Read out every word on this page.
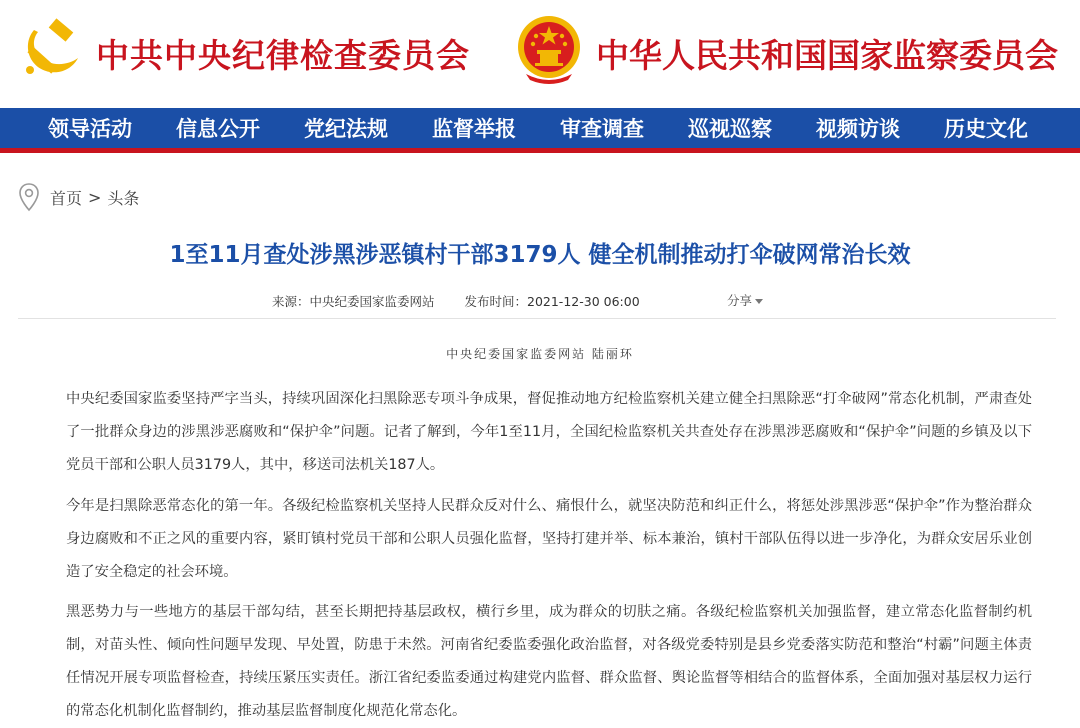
中共中央纪律检查委员会	中华人民共和国国家监察委员会
领导活动	信息公开	党纪法规	监督举报	审查调查	巡视巡察	视频访谈	历史文化
首页 > 头条
1至11月查处涉黑涉恶镇村干部3179人 健全机制推动打伞破网常治长效
来源：中央纪委国家监委网站 发布时间：2021-12-30 06:00	分享
中央纪委国家监委网站 陆丽环

中央纪委国家监委坚持严字当头，持续巩固深化扫黑除恶专项斗争成果，督促推动地方纪检监察机关建立健全扫黑除恶“打伞破网”常态化机制，严肃查处了一批群众身边的涉黑涉恶腐败和“保护伞”问题。记者了解到，今年1至11月，全国纪检监察机关共查处存在涉黑涉恶腐败和“保护伞”问题的乡镇及以下党员干部和公职人员3179人，其中，移送司法机关187人。

今年是扫黑除恶常态化的第一年。各级纪检监察机关坚持人民群众反对什么、痛恨什么，就坚决防范和纠正什么，将惩处涉黑涉恶“保护伞”作为整治群众身边腐败和不正之风的重要内容，紧盯镇村党员干部和公职人员强化监督，坚持打建并举、标本兼治，镇村干部队伍得以进一步净化，为群众安居乐业创造了安全稳定的社会环境。

黑恶势力与一些地方的基层干部勾结，甚至长期把持基层政权，横行乡里，成为群众的切肤之痛。各级纪检监察机关加强监督，建立常态化监督制约机制，对苗头性、倾向性问题早发现、早处置，防患于未然。河南省纪委监委强化政治监督，对各级党委特别是县乡党委落实防范和整治“村霸”问题主体责任情况开展专项监督检查，持续压紧压实责任。浙江省纪委监委通过构建党内监督、群众监督、舆论监督等相结合的监督体系，全面加强对基层权力运行的常态化机制化监督制约，推动基层监督制度化规范化常态化。
